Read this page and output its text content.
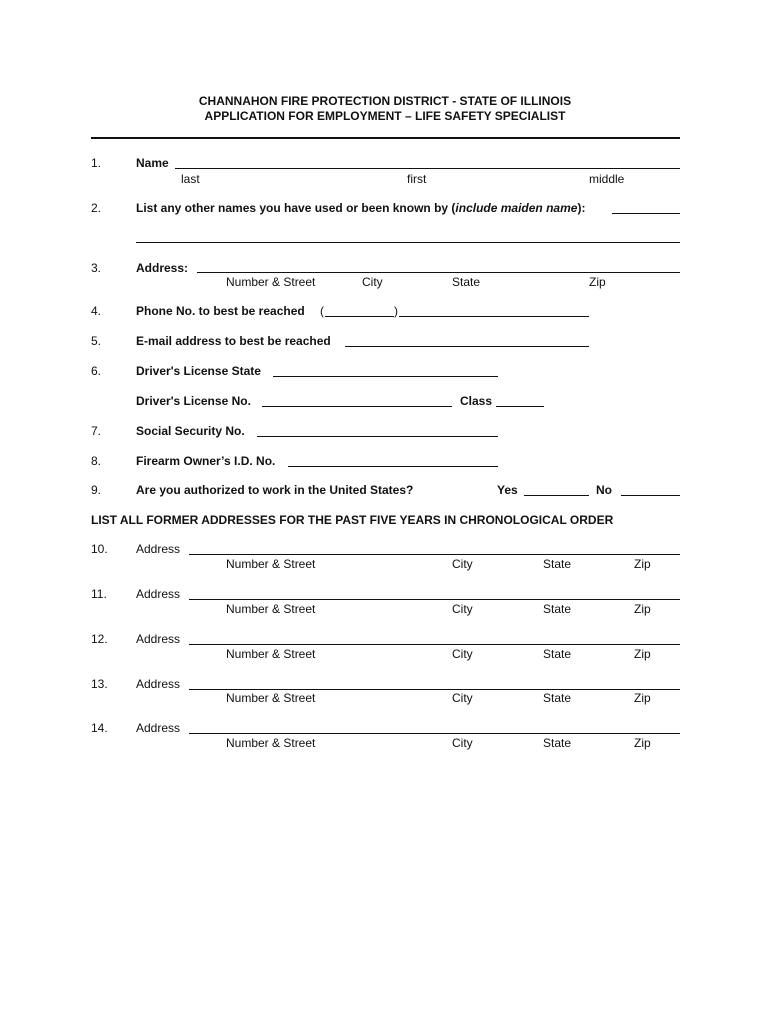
CHANNAHON FIRE PROTECTION DISTRICT - STATE OF ILLINOIS
APPLICATION FOR EMPLOYMENT – LIFE SAFETY SPECIALIST
1.	Name
last	first	middle
2.	List any other names you have used or been known by (include maiden name):
3.	Address:
Number & Street	City	State	Zip
4.	Phone No. to best be reached (	)
5.	E-mail address to best be reached
6.	Driver's License State
Driver's License No.	Class
7.	Social Security No.
8.	Firearm Owner’s I.D. No.
9.	Are you authorized to work in the United States?	Yes	No
LIST ALL FORMER ADDRESSES FOR THE PAST FIVE YEARS IN CHRONOLOGICAL ORDER
10. Address
Number & Street	City	State	Zip
11. Address
Number & Street	City	State	Zip
12. Address
Number & Street	City	State	Zip
13. Address
Number & Street	City	State	Zip
14. Address
Number & Street	City	State	Zip
